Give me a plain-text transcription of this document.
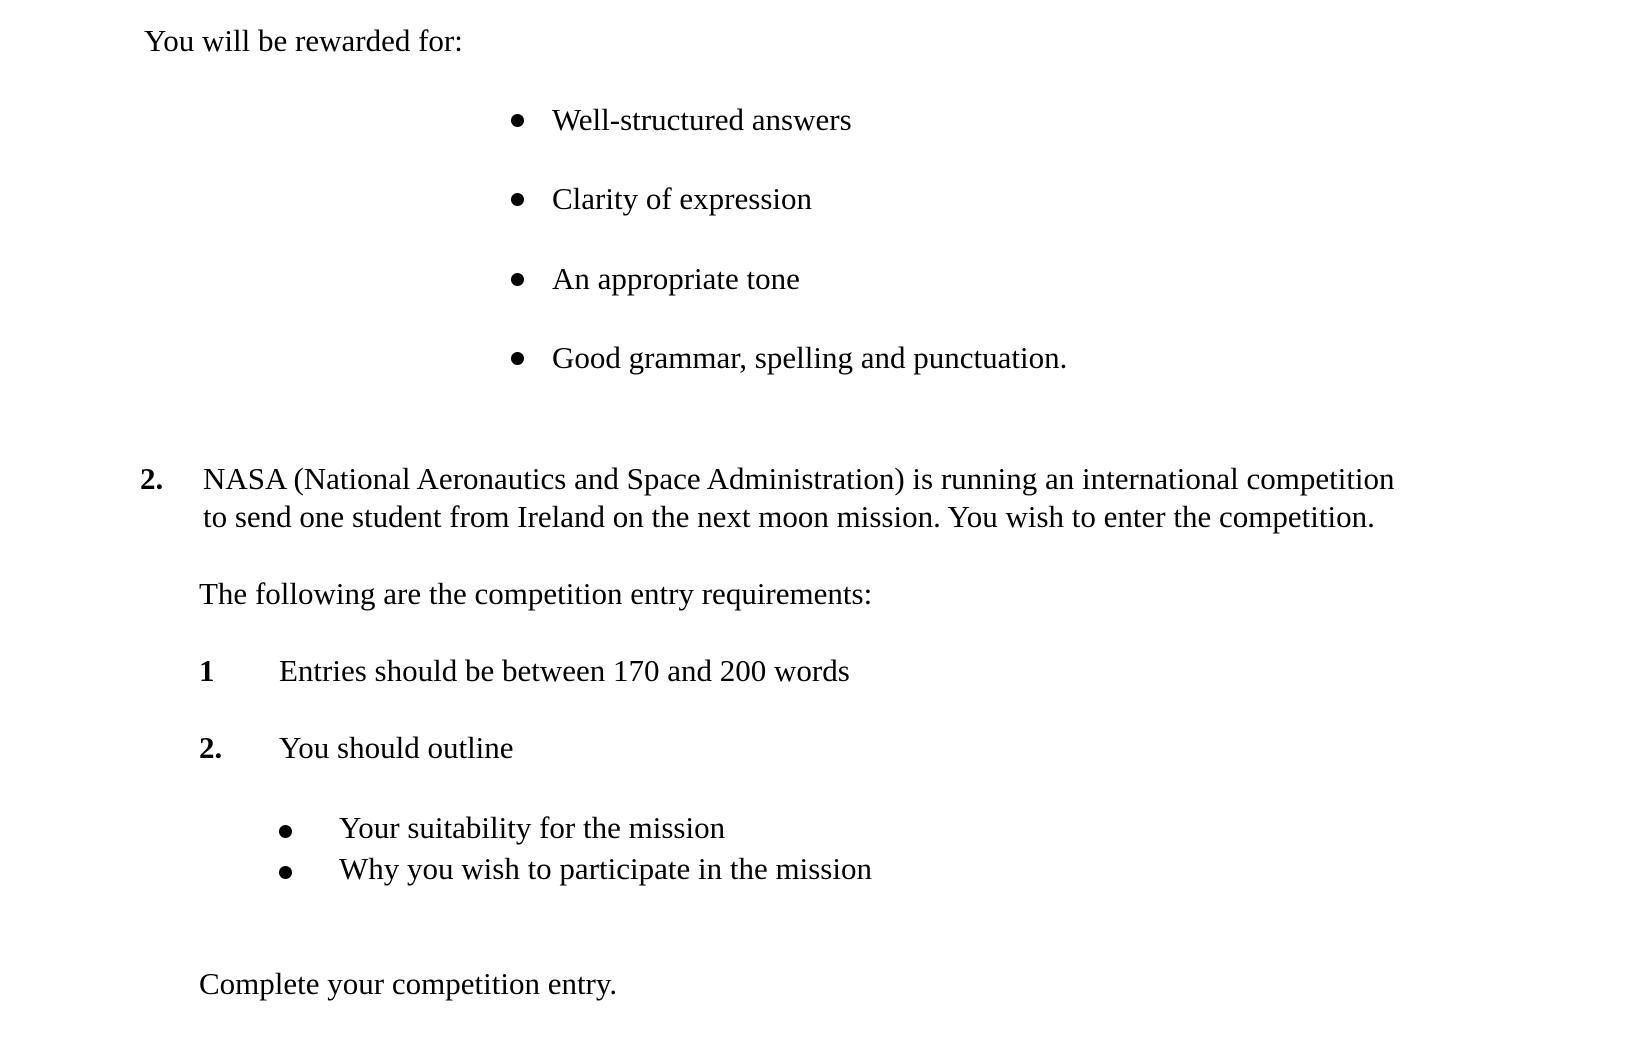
You will be rewarded for:
Well-structured answers
Clarity of expression
An appropriate tone
Good grammar, spelling and punctuation.
2. NASA (National Aeronautics and Space Administration) is running an international competition
to send one student from Ireland on the next moon mission. You wish to enter the competition.
The following are the competition entry requirements:
1 Entries should be between 170 and 200 words
2. You should outline
Your suitability for the mission
Why you wish to participate in the mission
Complete your competition entry.
